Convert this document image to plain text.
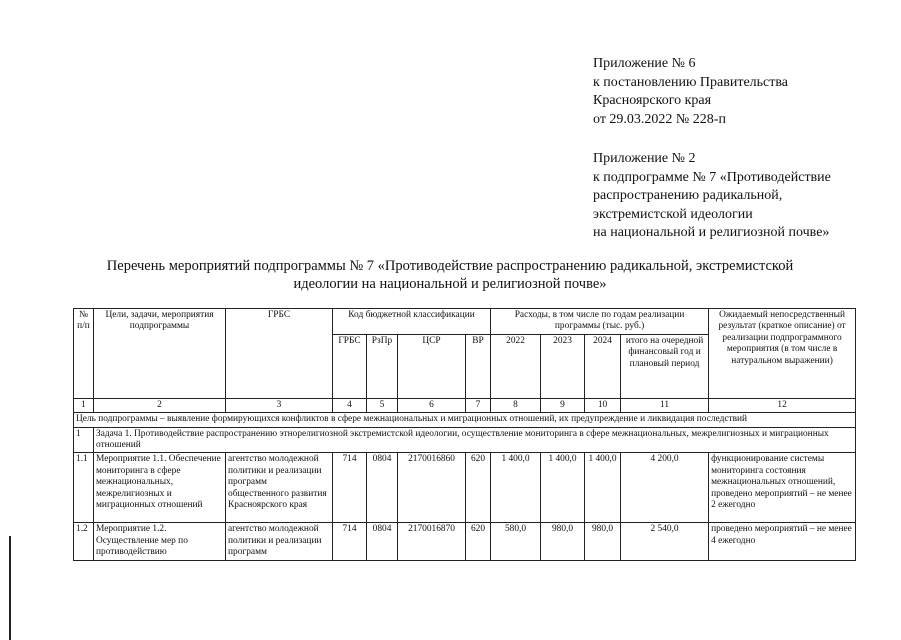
Приложение № 6

к постановлению Правительства

Красноярского края

от 29.03.2022 № 228-п

Приложение № 2

к подпрограмме № 7 «Противодействие

распространению радикальной,

экстремистской идеологии

на национальной и религиозной почве»

Перечень мероприятий подпрограммы № 7 «Противодействие распространению радикальной, экстремистской

идеологии на национальной и религиозной почве»

№ п/п	Цели, задачи, мероприятия подпрограммы	ГРБС	Код бюджетной классификации				Расходы, в том числе по годам реализации программы (тыс. руб.)				Ожидаемый непосредственный результат (краткое описание) от реализации подпрограммного мероприятия (в том числе в натуральном выражении)
			ГРБС	РзПр	ЦСР	ВР	2022	2023	2024	итого на очередной финансовый год и плановый период	
1	2	3	4	5	6	7	8	9	10	11	12
Цель подпрограммы – выявление формирующихся конфликтов в сфере межнациональных и миграционных отношений, их предупреждение и ликвидация последствий											
1	Задача 1. Противодействие распространению этнорелигиозной экстремистской идеологии, осуществление мониторинга в сфере межнациональных, межрелигиозных и миграционных отношений										
1.1	Мероприятие 1.1. Обеспечение мониторинга в сфере межнациональных, межрелигиозных и миграционных отношений	агентство молодежной политики и реализации программ общественного развития Красноярского края	714	0804	2170016860	620	1 400,0	1 400,0	1 400,0	4 200,0	функционирование системы мониторинга состояния межнациональных отношений, проведено мероприятий – не менее 2 ежегодно
1.2	Мероприятие 1.2. Осуществление мер по противодействию	агентство молодежной политики и реализации программ	714	0804	2170016870	620	580,0	980,0	980,0	2 540,0	проведено мероприятий – не менее 4 ежегодно
